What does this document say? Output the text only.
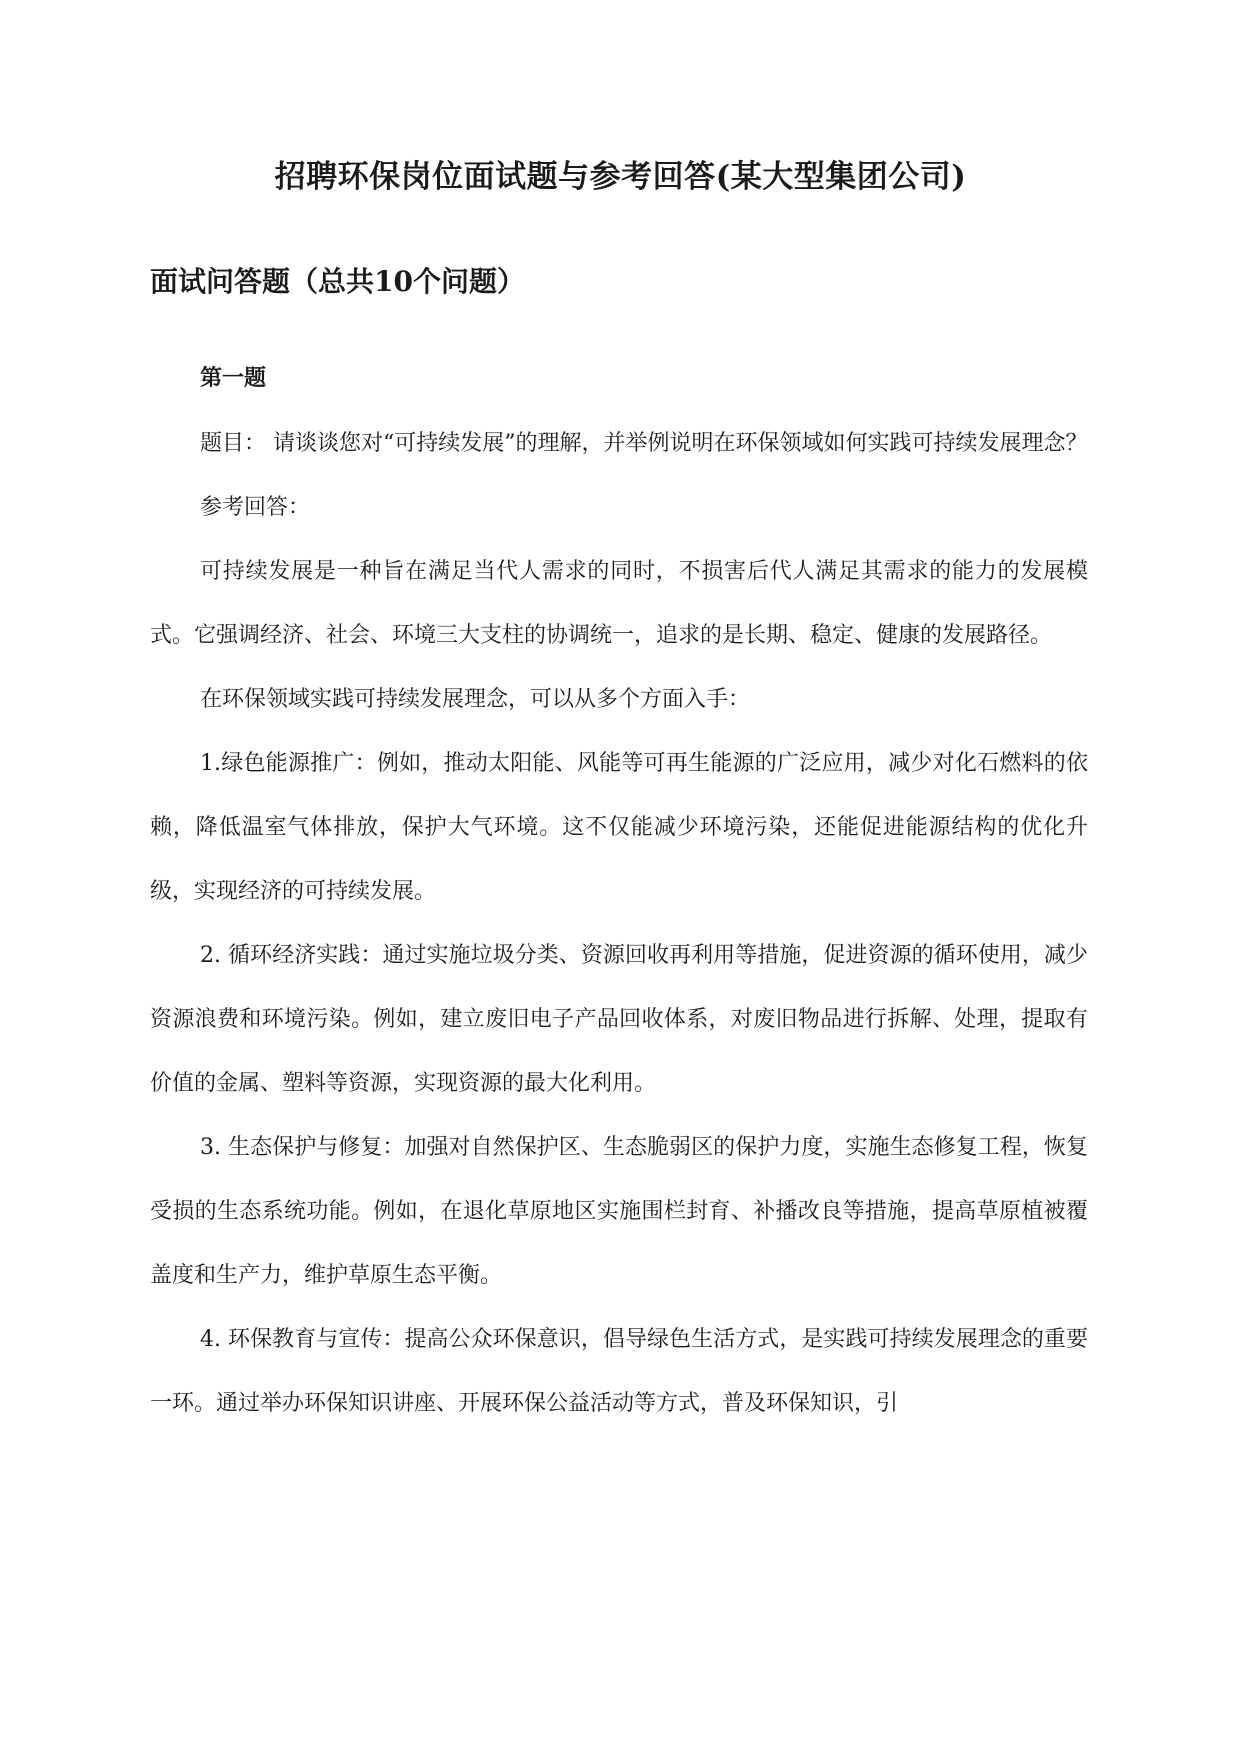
招聘环保岗位面试题与参考回答(某大型集团公司)
面试问答题（总共10个问题）

第一题

题目： 请谈谈您对“可持续发展”的理解，并举例说明在环保领域如何实践可持续发展理念？

参考回答：

可持续发展是一种旨在满足当代人需求的同时，不损害后代人满足其需求的能力的发展模式。它强调经济、社会、环境三大支柱的协调统一，追求的是长期、稳定、健康的发展路径。

在环保领域实践可持续发展理念，可以从多个方面入手：

1.绿色能源推广：例如，推动太阳能、风能等可再生能源的广泛应用，减少对化石燃料的依赖，降低温室气体排放，保护大气环境。这不仅能减少环境污染，还能促进能源结构的优化升级，实现经济的可持续发展。

2. 循环经济实践：通过实施垃圾分类、资源回收再利用等措施，促进资源的循环使用，减少资源浪费和环境污染。例如，建立废旧电子产品回收体系，对废旧物品进行拆解、处理，提取有价值的金属、塑料等资源，实现资源的最大化利用。

3. 生态保护与修复：加强对自然保护区、生态脆弱区的保护力度，实施生态修复工程，恢复受损的生态系统功能。例如，在退化草原地区实施围栏封育、补播改良等措施，提高草原植被覆盖度和生产力，维护草原生态平衡。

4. 环保教育与宣传：提高公众环保意识，倡导绿色生活方式，是实践可持续发展理念的重要一环。通过举办环保知识讲座、开展环保公益活动等方式，普及环保知识，引
